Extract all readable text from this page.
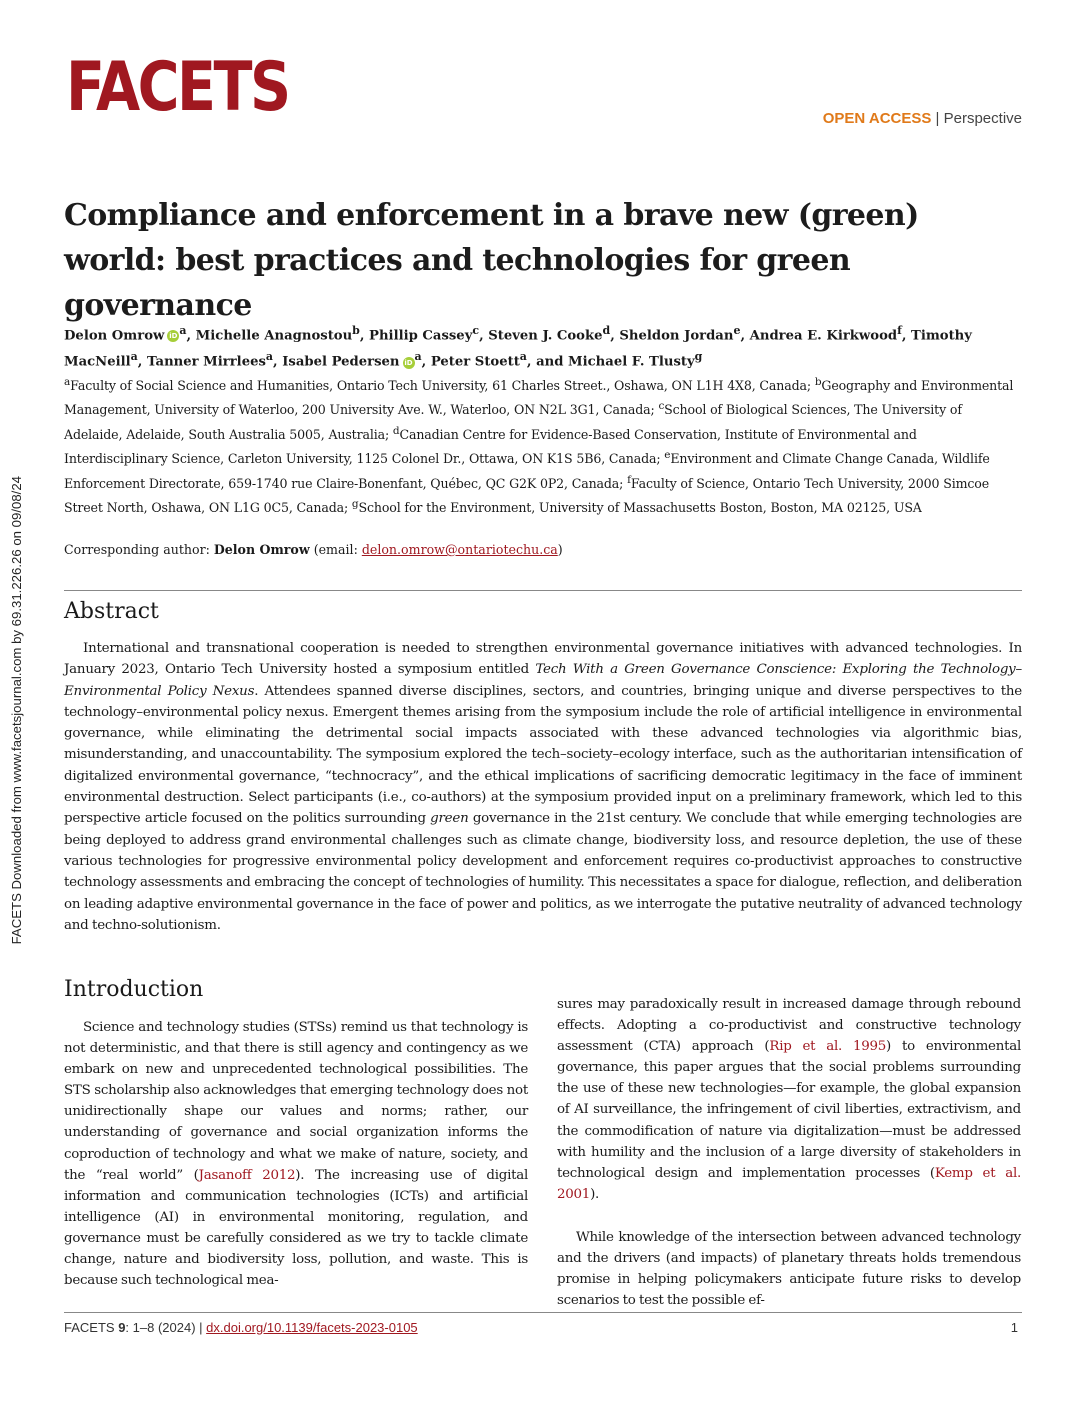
FACETS Downloaded from www.facetsjournal.com by 69.31.226.26 on 09/08/24
FACETS	OPEN ACCESS | Perspective
Compliance and enforcement in a brave new (green) world: best practices and technologies for green governance
Delon Omrow iD $^a$, Michelle Anagnostou$^b$, Phillip Cassey$^c$, Steven J. Cooke$^d$, Sheldon Jordan$^e$, Andrea E. Kirkwood$^f$, Timothy MacNeill$^a$, Tanner Mirrlees$^a$, Isabel Pedersen iD $^a$, Peter Stoett$^a$, and Michael F. Tlusty$^g$
$^a$Faculty of Social Science and Humanities, Ontario Tech University, 61 Charles Street., Oshawa, ON L1H 4X8, Canada; $^b$Geography and Environmental Management, University of Waterloo, 200 University Ave. W., Waterloo, ON N2L 3G1, Canada; $^c$School of Biological Sciences, The University of Adelaide, Adelaide, South Australia 5005, Australia; $^d$Canadian Centre for Evidence-Based Conservation, Institute of Environmental and Interdisciplinary Science, Carleton University, 1125 Colonel Dr., Ottawa, ON K1S 5B6, Canada; $^e$Environment and Climate Change Canada, Wildlife Enforcement Directorate, 659-1740 rue Claire-Bonenfant, Québec, QC G2K 0P2, Canada; $^f$Faculty of Science, Ontario Tech University, 2000 Simcoe Street North, Oshawa, ON L1G 0C5, Canada; $^g$School for the Environment, University of Massachusetts Boston, Boston, MA 02125, USA
Corresponding author: Delon Omrow (email: delon.omrow@ontariotechu.ca)
Abstract

International and transnational cooperation is needed to strengthen environmental governance initiatives with advanced technologies. In January 2023, Ontario Tech University hosted a symposium entitled Tech With a Green Governance Conscience: Exploring the Technology–Environmental Policy Nexus. Attendees spanned diverse disciplines, sectors, and countries, bringing unique and diverse perspectives to the technology–environmental policy nexus. Emergent themes arising from the symposium include the role of artificial intelligence in environmental governance, while eliminating the detrimental social impacts associated with these advanced technologies via algorithmic bias, misunderstanding, and unaccountability. The symposium explored the tech–society–ecology interface, such as the authoritarian intensification of digitalized environmental governance, “technocracy”, and the ethical implications of sacrificing democratic legitimacy in the face of imminent environmental destruction. Select participants (i.e., co-authors) at the symposium provided input on a preliminary framework, which led to this perspective article focused on the politics surrounding green governance in the 21st century. We conclude that while emerging technologies are being deployed to address grand environmental challenges such as climate change, biodiversity loss, and resource depletion, the use of these various technologies for progressive environmental policy development and enforcement requires co-productivist approaches to constructive technology assessments and embracing the concept of technologies of humility. This necessitates a space for dialogue, reflection, and deliberation on leading adaptive environmental governance in the face of power and politics, as we interrogate the putative neutrality of advanced technology and techno-solutionism.

Introduction

Science and technology studies (STSs) remind us that technology is not deterministic, and that there is still agency and contingency as we embark on new and unprecedented technological possibilities. The STS scholarship also acknowledges that emerging technology does not unidirectionally shape our values and norms; rather, our understanding of governance and social organization informs the coproduction of technology and what we make of nature, society, and the “real world” (Jasanoff 2012). The increasing use of digital information and communication technologies (ICTs) and artificial intelligence (AI) in environmental monitoring, regulation, and governance must be carefully considered as we try to tackle climate change, nature and biodiversity loss, pollution, and waste. This is because such technological mea-

sures may paradoxically result in increased damage through rebound effects. Adopting a co-productivist and constructive technology assessment (CTA) approach (Rip et al. 1995) to environmental governance, this paper argues that the social problems surrounding the use of these new technologies—for example, the global expansion of AI surveillance, the infringement of civil liberties, extractivism, and the commodification of nature via digitalization—must be addressed with humility and the inclusion of a large diversity of stakeholders in technological design and implementation processes (Kemp et al. 2001).

While knowledge of the intersection between advanced technology and the drivers (and impacts) of planetary threats holds tremendous promise in helping policymakers anticipate future risks to develop scenarios to test the possible ef-

FACETS 9: 1–8 (2024) | dx.doi.org/10.1139/facets-2023-0105	1
